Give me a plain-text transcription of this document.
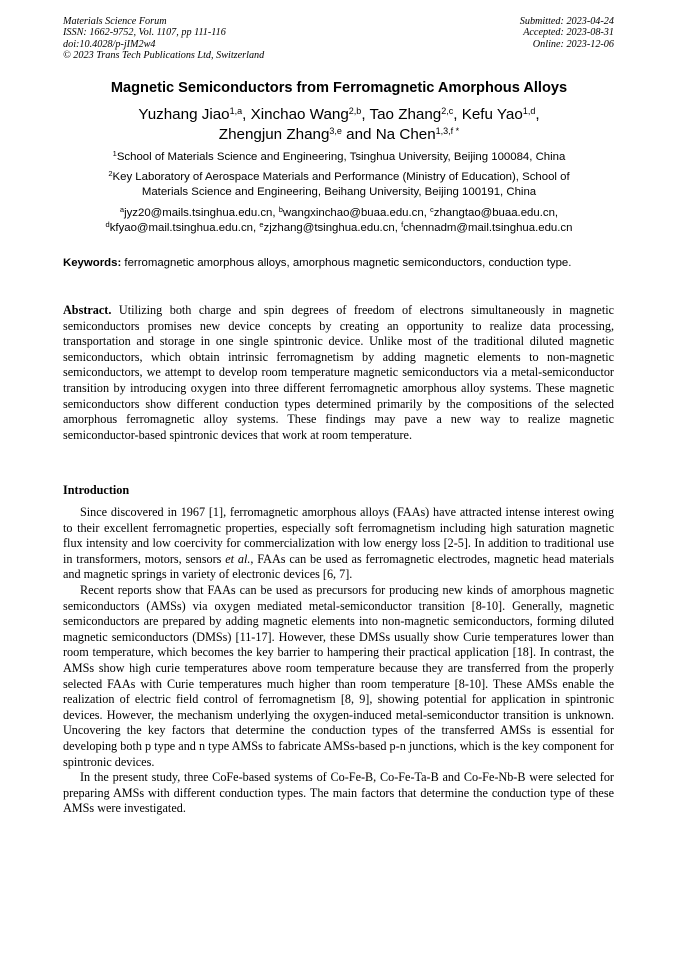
Materials Science Forum
ISSN: 1662-9752, Vol. 1107, pp 111-116
doi:10.4028/p-jIM2w4
© 2023 Trans Tech Publications Ltd, Switzerland
Submitted: 2023-04-24
Accepted: 2023-08-31
Online: 2023-12-06
Magnetic Semiconductors from Ferromagnetic Amorphous Alloys
Yuzhang Jiao$^{1,a}$, Xinchao Wang$^{2,b}$, Tao Zhang$^{2,c}$, Kefu Yao$^{1,d}$,
Zhengjun Zhang$^{3,e}$ and Na Chen$^{1,3,f *}$
$^1$School of Materials Science and Engineering, Tsinghua University, Beijing 100084, China
$^2$Key Laboratory of Aerospace Materials and Performance (Ministry of Education), School of
Materials Science and Engineering, Beihang University, Beijing 100191, China
$^a$jyz20@mails.tsinghua.edu.cn, $^b$wangxinchao@buaa.edu.cn, $^c$zhangtao@buaa.edu.cn,
$^d$kfyao@mail.tsinghua.edu.cn, $^e$zjzhang@tsinghua.edu.cn, $^f$chennadm@mail.tsinghua.edu.cn
Keywords: ferromagnetic amorphous alloys, amorphous magnetic semiconductors, conduction type.
Abstract. Utilizing both charge and spin degrees of freedom of electrons simultaneously in magnetic semiconductors promises new device concepts by creating an opportunity to realize data processing, transportation and storage in one single spintronic device. Unlike most of the traditional diluted magnetic semiconductors, which obtain intrinsic ferromagnetism by adding magnetic elements to non-magnetic semiconductors, we attempt to develop room temperature magnetic semiconductors via a metal-semiconductor transition by introducing oxygen into three different ferromagnetic amorphous alloy systems. These magnetic semiconductors show different conduction types determined primarily by the compositions of the selected amorphous ferromagnetic alloy systems. These findings may pave a new way to realize magnetic semiconductor-based spintronic devices that work at room temperature.
Introduction

Since discovered in 1967 [1], ferromagnetic amorphous alloys (FAAs) have attracted intense interest owing to their excellent ferromagnetic properties, especially soft ferromagnetism including high saturation magnetic flux intensity and low coercivity for commercialization with low energy loss [2-5]. In addition to traditional use in transformers, motors, sensors et al., FAAs can be used as ferromagnetic electrodes, magnetic head materials and magnetic springs in variety of electronic devices [6, 7].

Recent reports show that FAAs can be used as precursors for producing new kinds of amorphous magnetic semiconductors (AMSs) via oxygen mediated metal-semiconductor transition [8-10]. Generally, magnetic semiconductors are prepared by adding magnetic elements into non-magnetic semiconductors, forming diluted magnetic semiconductors (DMSs) [11-17]. However, these DMSs usually show Curie temperatures lower than room temperature, which becomes the key barrier to hampering their practical application [18]. In contrast, the AMSs show high curie temperatures above room temperature because they are transferred from the properly selected FAAs with Curie temperatures much higher than room temperature [8-10]. These AMSs enable the realization of electric field control of ferromagnetism [8, 9], showing potential for application in spintronic devices. However, the mechanism underlying the oxygen-induced metal-semiconductor transition is unknown. Uncovering the key factors that determine the conduction types of the transferred AMSs is essential for developing both p type and n type AMSs to fabricate AMSs-based p-n junctions, which is the key component for spintronic devices.

In the present study, three CoFe-based systems of Co-Fe-B, Co-Fe-Ta-B and Co-Fe-Nb-B were selected for preparing AMSs with different conduction types. The main factors that determine the conduction type of these AMSs were investigated.
